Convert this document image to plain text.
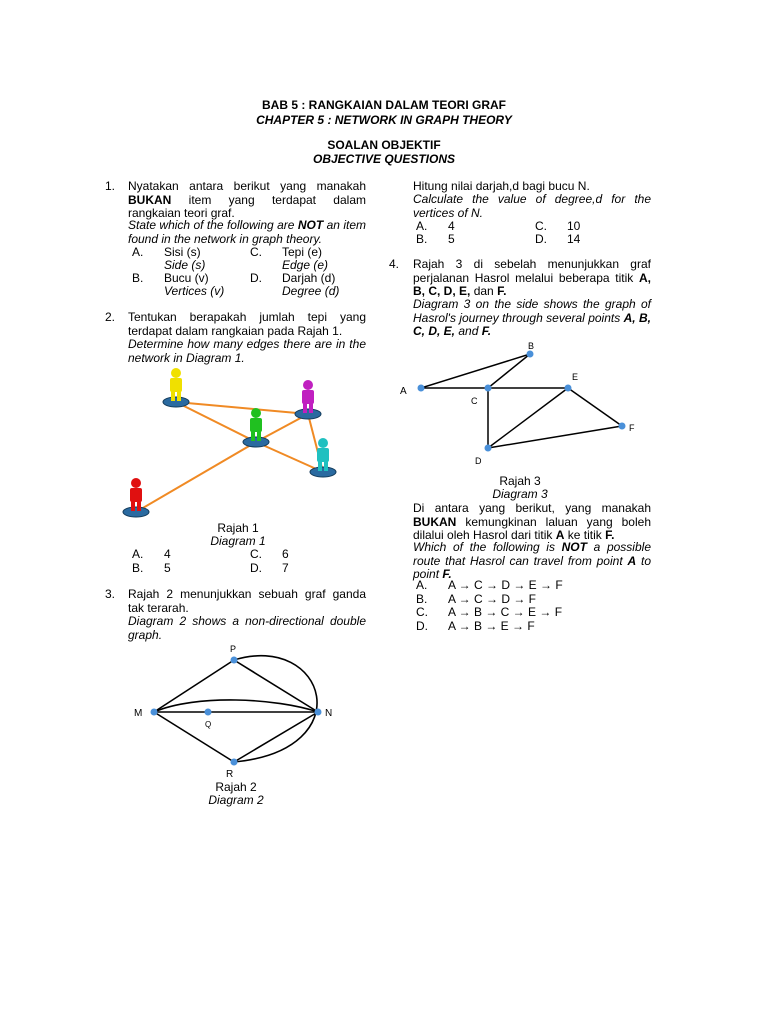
BAB 5 : RANGKAIAN DALAM TEORI GRAF
CHAPTER 5 : NETWORK IN GRAPH THEORY
SOALAN OBJEKTIF
OBJECTIVE QUESTIONS
1. Nyatakan antara berikut yang manakah BUKAN item yang terdapat dalam rangkaian teori graf.
State which of the following are NOT an item found in the network in graph theory.
A. Sisi (s)
Side (s)
B. Bucu (v)
Vertices (v)
C. Tepi (e)
Edge (e)
D. Darjah (d)
Degree (d)
2. Tentukan berapakah jumlah tepi yang terdapat dalam rangkaian pada Rajah 1.
Determine how many edges there are in the network in Diagram 1.
Rajah 1
Diagram 1
A. 4
B. 5
C. 6
D. 7
3. Rajah 2 menunjukkan sebuah graf ganda tak terarah.
Diagram 2 shows a non-directional double graph.
P
M
Q
N
R
Rajah 2
Diagram 2
Hitung nilai darjah,d bagi bucu N.
Calculate the value of degree,d for the vertices of N.
A. 4
B. 5
C. 10
D. 14
4. Rajah 3 di sebelah menunjukkan graf perjalanan Hasrol melalui beberapa titik A, B, C, D, E, dan F.
Diagram 3 on the side shows the graph of Hasrol's journey through several points A, B, C, D, E, and F.
A
B
C
D
E
F
Rajah 3
Diagram 3
Di antara yang berikut, yang manakah BUKAN kemungkinan laluan yang boleh dilalui oleh Hasrol dari titik A ke titik F.
Which of the following is NOT a possible route that Hasrol can travel from point A to point F.
A. A → C → D → E → F
B. A → C → D → F
C. A → B → C → E → F
D. A → B → E → F
